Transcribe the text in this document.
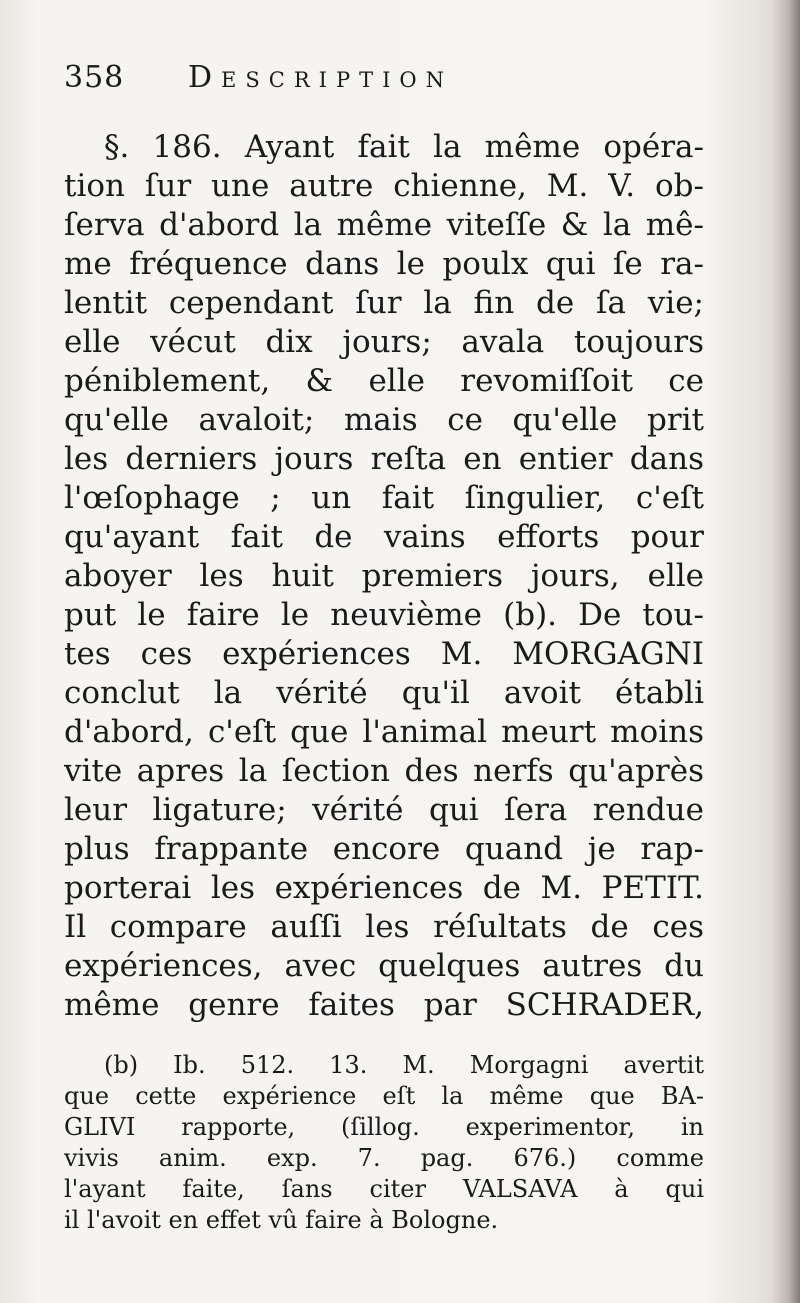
358 Description
§. 186. Ayant fait la même opéra-
tion ſur une autre chienne, M. V. ob-
ſerva d'abord la même viteſſe & la mê-
me fréquence dans le poulx qui ſe ra-
lentit cependant ſur la fin de ſa vie;
elle vécut dix jours; avala toujours
péniblement, & elle revomiſſoit ce
qu'elle avaloit; mais ce qu'elle prit
les derniers jours reſta en entier dans
l'œſophage ; un fait ſingulier, c'eſt
qu'ayant fait de vains efforts pour
aboyer les huit premiers jours, elle
put le faire le neuvième (b). De tou-
tes ces expériences M. MORGAGNI
conclut la vérité qu'il avoit établi
d'abord, c'eſt que l'animal meurt moins
vite apres la ſection des nerfs qu'après
leur ligature; vérité qui ſera rendue
plus frappante encore quand je rap-
porterai les expériences de M. PETIT.
Il compare auſſi les réſultats de ces
expériences, avec quelques autres du
même genre faites par SCHRADER,
(b) Ib. 512. 13. M. Morgagni avertit
que cette expérience eſt la même que BA-
GLIVI rapporte, (ſillog. experimentor, in
vivis anim. exp. 7. pag. 676.) comme
l'ayant faite, ſans citer VALSAVA à qui
il l'avoit en effet vû faire à Bologne.
